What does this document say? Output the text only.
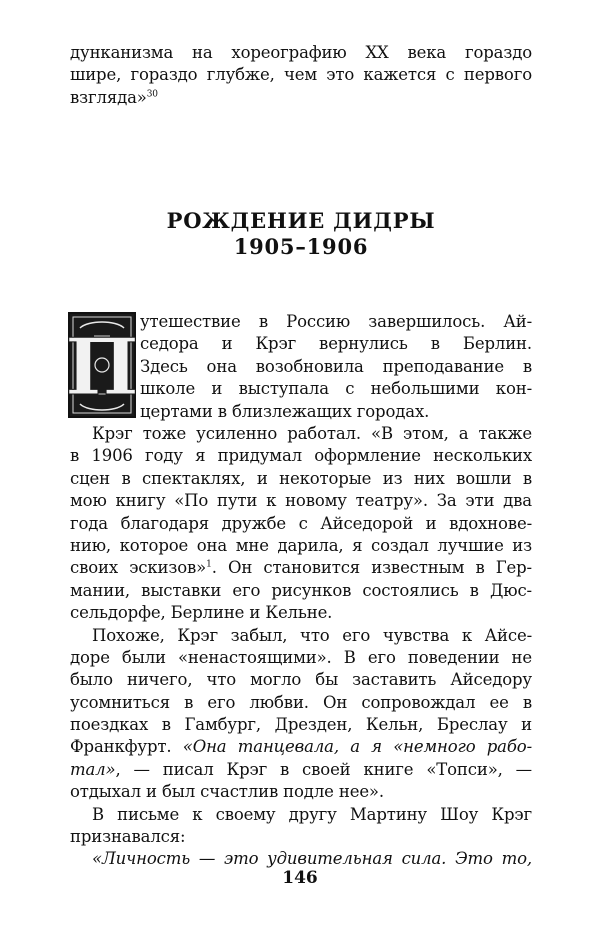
дунканизма на хореографию XX века гораздо
шире, гораздо глубже, чем это кажется с первого
взгляда»$^{30}$
РОЖДЕНИЕ ДИДРЫ
1905–1906
П
утешествие в Россию завершилось. Ай-
седора и Крэг вернулись в Берлин.
Здесь она возобновила преподавание в
школе и выступала с небольшими кон-
цертами в близлежащих городах.
Крэг тоже усиленно работал. «В этом, а также
в 1906 году я придумал оформление нескольких
сцен в спектаклях, и некоторые из них вошли в
мою книгу «По пути к новому театру». За эти два
года благодаря дружбе с Айседорой и вдохнове-
нию, которое она мне дарила, я создал лучшие из
своих эскизов»$^1$. Он становится известным в Гер-
мании, выставки его рисунков состоялись в Дюс-
сельдорфе, Берлине и Кельне.
Похоже, Крэг забыл, что его чувства к Айсе-
доре были «ненастоящими». В его поведении не
было ничего, что могло бы заставить Айседору
усомниться в его любви. Он сопровождал ее в
поездках в Гамбург, Дрезден, Кельн, Бреслау и
Франкфурт. «Она танцевала, а я «немного рабо-
тал», — писал Крэг в своей книге «Топси», —
отдыхал и был счастлив подле нее».
В письме к своему другу Мартину Шоу Крэг
признавался:
«Личность — это удивительная сила. Это то,
146
